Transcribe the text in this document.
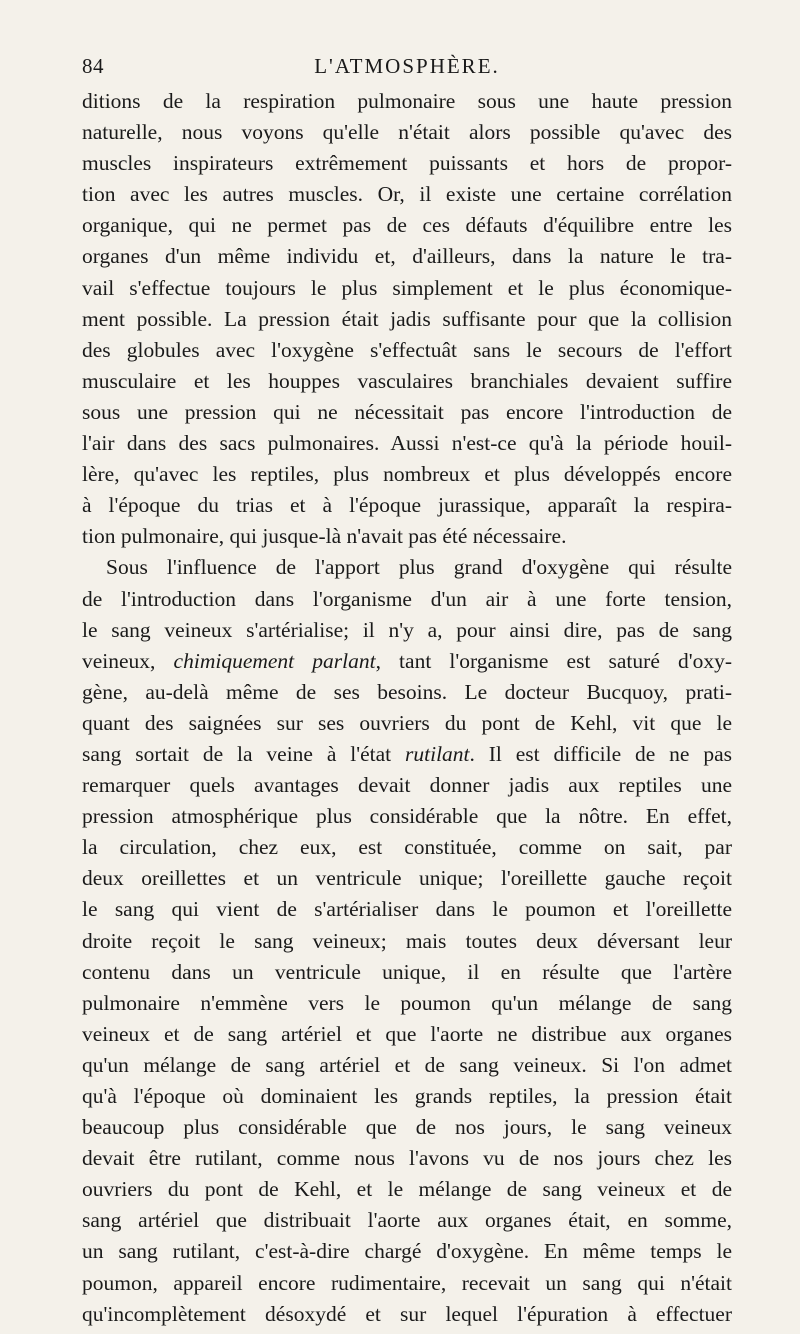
84	L'ATMOSPHÈRE.
ditions de la respiration pulmonaire sous une haute pression
naturelle, nous voyons qu'elle n'était alors possible qu'avec des
muscles inspirateurs extrêmement puissants et hors de propor-
tion avec les autres muscles. Or, il existe une certaine corrélation
organique, qui ne permet pas de ces défauts d'équilibre entre les
organes d'un même individu et, d'ailleurs, dans la nature le tra-
vail s'effectue toujours le plus simplement et le plus économique-
ment possible. La pression était jadis suffisante pour que la collision
des globules avec l'oxygène s'effectuât sans le secours de l'effort
musculaire et les houppes vasculaires branchiales devaient suffire
sous une pression qui ne nécessitait pas encore l'introduction de
l'air dans des sacs pulmonaires. Aussi n'est-ce qu'à la période houil-
lère, qu'avec les reptiles, plus nombreux et plus développés encore
à l'époque du trias et à l'époque jurassique, apparaît la respira-
tion pulmonaire, qui jusque-là n'avait pas été nécessaire.
Sous l'influence de l'apport plus grand d'oxygène qui résulte
de l'introduction dans l'organisme d'un air à une forte tension,
le sang veineux s'artérialise; il n'y a, pour ainsi dire, pas de sang
veineux, chimiquement parlant, tant l'organisme est saturé d'oxy-
gène, au-delà même de ses besoins. Le docteur Bucquoy, prati-
quant des saignées sur ses ouvriers du pont de Kehl, vit que le
sang sortait de la veine à l'état rutilant. Il est difficile de ne pas
remarquer quels avantages devait donner jadis aux reptiles une
pression atmosphérique plus considérable que la nôtre. En effet,
la circulation, chez eux, est constituée, comme on sait, par
deux oreillettes et un ventricule unique; l'oreillette gauche reçoit
le sang qui vient de s'artérialiser dans le poumon et l'oreillette
droite reçoit le sang veineux; mais toutes deux déversant leur
contenu dans un ventricule unique, il en résulte que l'artère
pulmonaire n'emmène vers le poumon qu'un mélange de sang
veineux et de sang artériel et que l'aorte ne distribue aux organes
qu'un mélange de sang artériel et de sang veineux. Si l'on admet
qu'à l'époque où dominaient les grands reptiles, la pression était
beaucoup plus considérable que de nos jours, le sang veineux
devait être rutilant, comme nous l'avons vu de nos jours chez les
ouvriers du pont de Kehl, et le mélange de sang veineux et de
sang artériel que distribuait l'aorte aux organes était, en somme,
un sang rutilant, c'est-à-dire chargé d'oxygène. En même temps le
poumon, appareil encore rudimentaire, recevait un sang qui n'était
qu'incomplètement désoxydé et sur lequel l'épuration à effectuer
